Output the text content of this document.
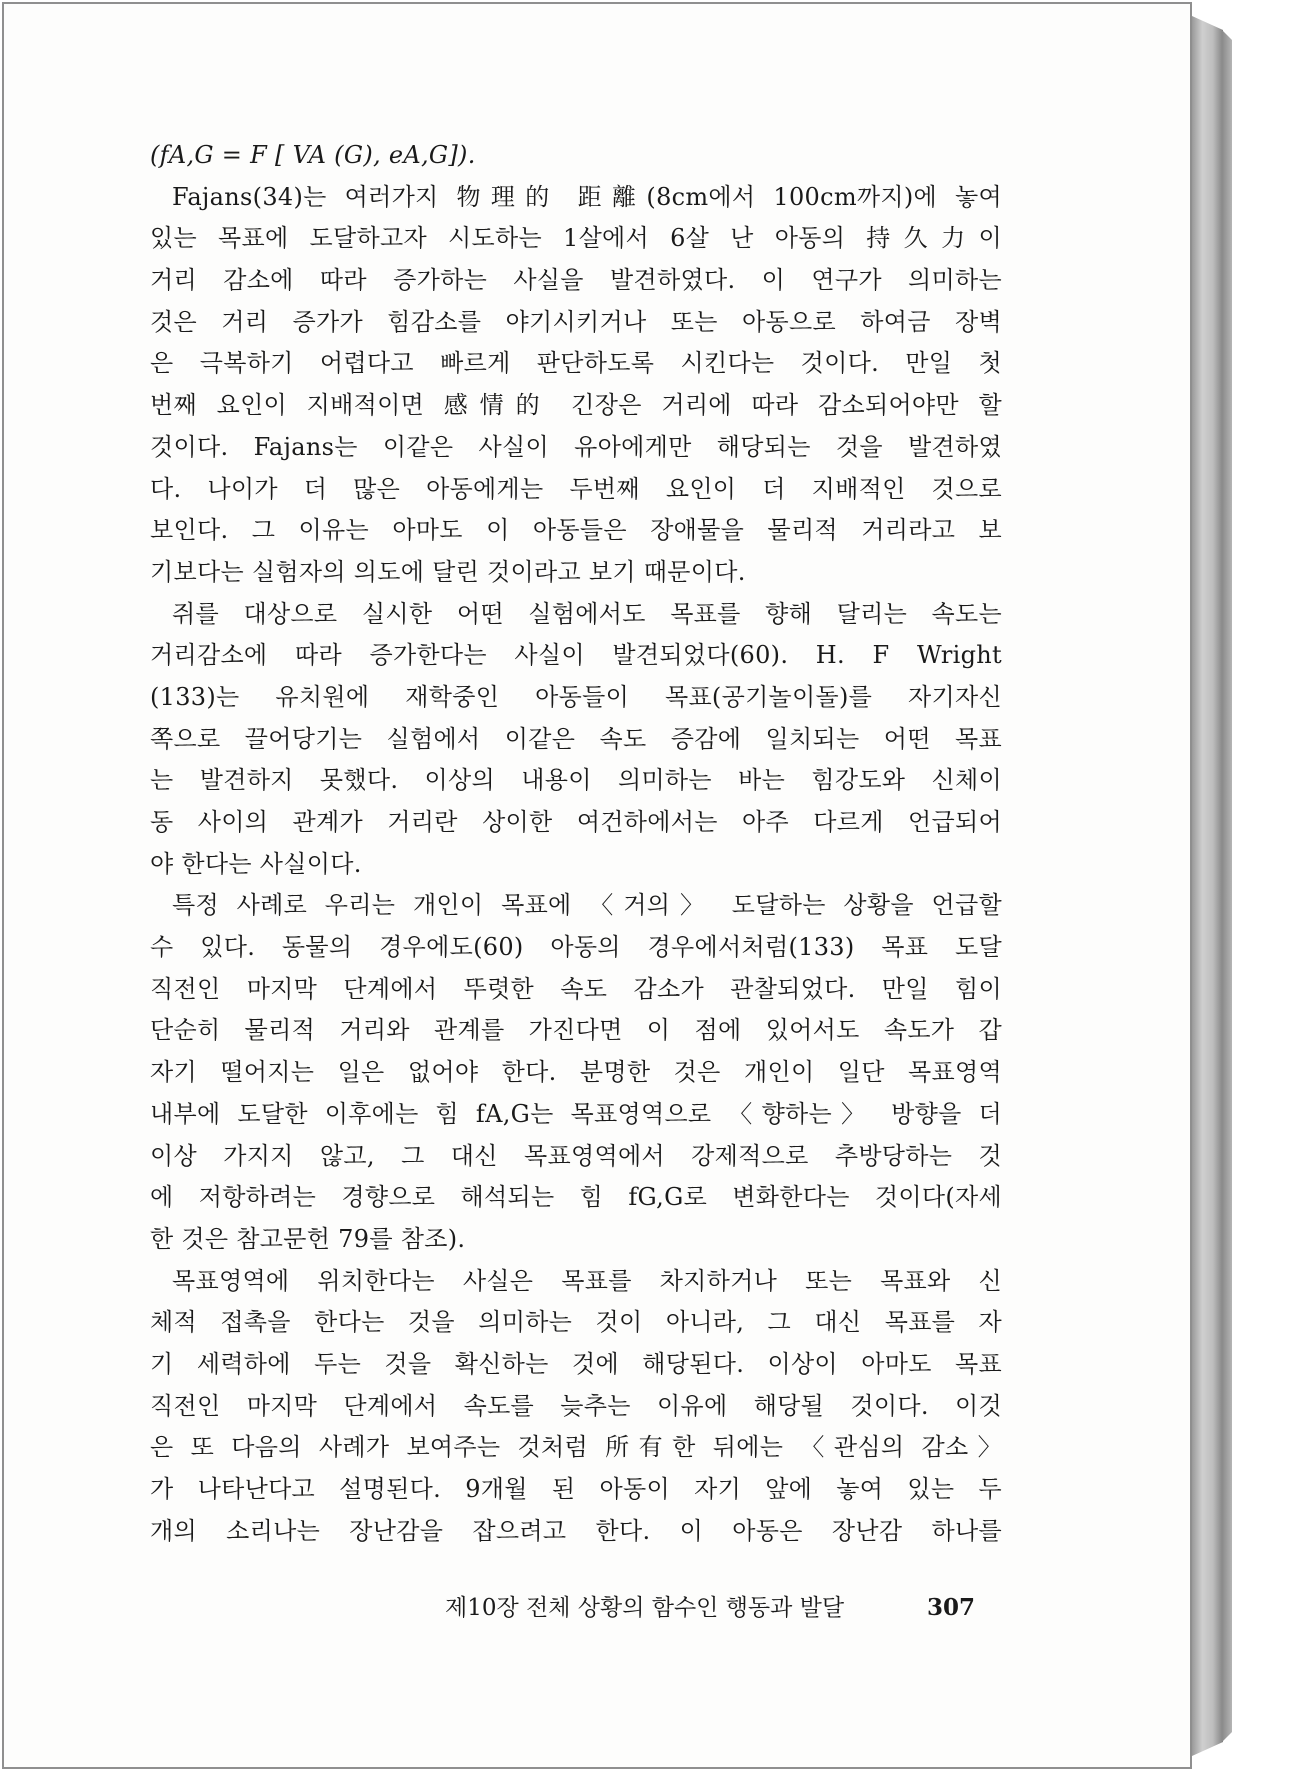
(fA,G = F [ VA (G), eA,G]).
Fajans(34)는 여러가지 物理的 距離(8cm에서 100cm까지)에 놓여
있는 목표에 도달하고자 시도하는 1살에서 6살 난 아동의 持久力이
거리 감소에 따라 증가하는 사실을 발견하였다. 이 연구가 의미하는
것은 거리 증가가 힘감소를 야기시키거나 또는 아동으로 하여금 장벽
은 극복하기 어렵다고 빠르게 판단하도록 시킨다는 것이다. 만일 첫
번째 요인이 지배적이면 感情的 긴장은 거리에 따라 감소되어야만 할
것이다. Fajans는 이같은 사실이 유아에게만 해당되는 것을 발견하였
다. 나이가 더 많은 아동에게는 두번째 요인이 더 지배적인 것으로
보인다. 그 이유는 아마도 이 아동들은 장애물을 물리적 거리라고 보
기보다는 실험자의 의도에 달린 것이라고 보기 때문이다.
쥐를 대상으로 실시한 어떤 실험에서도 목표를 향해 달리는 속도는
거리감소에 따라 증가한다는 사실이 발견되었다(60). H. F Wright
(133)는 유치원에 재학중인 아동들이 목표(공기놀이돌)를 자기자신
쪽으로 끌어당기는 실험에서 이같은 속도 증감에 일치되는 어떤 목표
는 발견하지 못했다. 이상의 내용이 의미하는 바는 힘강도와 신체이
동 사이의 관계가 거리란 상이한 여건하에서는 아주 다르게 언급되어
야 한다는 사실이다.
특정 사례로 우리는 개인이 목표에 〈거의〉 도달하는 상황을 언급할
수 있다. 동물의 경우에도(60) 아동의 경우에서처럼(133) 목표 도달
직전인 마지막 단계에서 뚜렷한 속도 감소가 관찰되었다. 만일 힘이
단순히 물리적 거리와 관계를 가진다면 이 점에 있어서도 속도가 갑
자기 떨어지는 일은 없어야 한다. 분명한 것은 개인이 일단 목표영역
내부에 도달한 이후에는 힘 fA,G는 목표영역으로 〈향하는〉 방향을 더
이상 가지지 않고, 그 대신 목표영역에서 강제적으로 추방당하는 것
에 저항하려는 경향으로 해석되는 힘 fG,G로 변화한다는 것이다(자세
한 것은 참고문헌 79를 참조).
목표영역에 위치한다는 사실은 목표를 차지하거나 또는 목표와 신
체적 접촉을 한다는 것을 의미하는 것이 아니라, 그 대신 목표를 자
기 세력하에 두는 것을 확신하는 것에 해당된다. 이상이 아마도 목표
직전인 마지막 단계에서 속도를 늦추는 이유에 해당될 것이다. 이것
은 또 다음의 사례가 보여주는 것처럼 所有한 뒤에는 〈관심의 감소〉
가 나타난다고 설명된다. 9개월 된 아동이 자기 앞에 놓여 있는 두
개의 소리나는 장난감을 잡으려고 한다. 이 아동은 장난감 하나를
제10장 전체 상황의 함수인 행동과 발달	307
